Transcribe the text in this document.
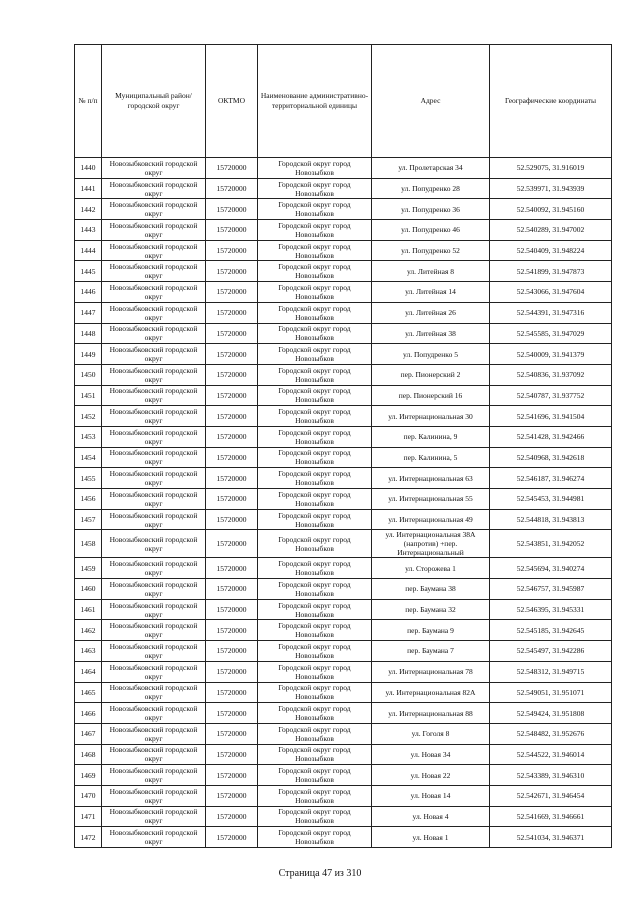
№ п/п	Муниципальный район/городской округ	ОКТМО	Наименование административно-территориальной единицы	Адрес	Географические координаты
1440	Новозыбковский городской округ	15720000	Городской округ город Новозыбков	ул. Пролетарская 34	52.529075, 31.916019
1441	Новозыбковский городской округ	15720000	Городской округ город Новозыбков	ул. Попудренко 28	52.539971, 31.943939
1442	Новозыбковский городской округ	15720000	Городской округ город Новозыбков	ул. Попудренко 36	52.540092, 31.945160
1443	Новозыбковский городской округ	15720000	Городской округ город Новозыбков	ул. Попудренко 46	52.540289, 31.947002
1444	Новозыбковский городской округ	15720000	Городской округ город Новозыбков	ул. Попудренко 52	52.540409, 31.948224
1445	Новозыбковский городской округ	15720000	Городской округ город Новозыбков	ул. Литейная 8	52.541899, 31.947873
1446	Новозыбковский городской округ	15720000	Городской округ город Новозыбков	ул. Литейная 14	52.543066, 31.947604
1447	Новозыбковский городской округ	15720000	Городской округ город Новозыбков	ул. Литейная 26	52.544391, 31.947316
1448	Новозыбковский городской округ	15720000	Городской округ город Новозыбков	ул. Литейная 38	52.545585, 31.947029
1449	Новозыбковский городской округ	15720000	Городской округ город Новозыбков	ул. Попудренко 5	52.540009, 31.941379
1450	Новозыбковский городской округ	15720000	Городской округ город Новозыбков	пер. Пионерский 2	52.540836, 31.937092
1451	Новозыбковский городской округ	15720000	Городской округ город Новозыбков	пер. Пионерский 16	52.540787, 31.937752
1452	Новозыбковский городской округ	15720000	Городской округ город Новозыбков	ул. Интернациональная 30	52.541696, 31.941504
1453	Новозыбковский городской округ	15720000	Городской округ город Новозыбков	пер. Калинина, 9	52.541428, 31.942466
1454	Новозыбковский городской округ	15720000	Городской округ город Новозыбков	пер. Калинина, 5	52.540968, 31.942618
1455	Новозыбковский городской округ	15720000	Городской округ город Новозыбков	ул. Интернациональная 63	52.546187, 31.946274
1456	Новозыбковский городской округ	15720000	Городской округ город Новозыбков	ул. Интернациональная 55	52.545453, 31.944981
1457	Новозыбковский городской округ	15720000	Городской округ город Новозыбков	ул. Интернациональная 49	52.544818, 31.943813
1458	Новозыбковский городской округ	15720000	Городской округ город Новозыбков	ул. Интернациональная 38А (напротив) +пер. Интернациональный	52.543851, 31.942052
1459	Новозыбковский городской округ	15720000	Городской округ город Новозыбков	ул. Сторожева 1	52.545694, 31.940274
1460	Новозыбковский городской округ	15720000	Городской округ город Новозыбков	пер. Баумана 38	52.546757, 31.945987
1461	Новозыбковский городской округ	15720000	Городской округ город Новозыбков	пер. Баумана 32	52.546395, 31.945331
1462	Новозыбковский городской округ	15720000	Городской округ город Новозыбков	пер. Баумана 9	52.545185, 31.942645
1463	Новозыбковский городской округ	15720000	Городской округ город Новозыбков	пер. Баумана 7	52.545497, 31.942286
1464	Новозыбковский городской округ	15720000	Городской округ город Новозыбков	ул. Интернациональная 78	52.548312, 31.949715
1465	Новозыбковский городской округ	15720000	Городской округ город Новозыбков	ул. Интернациональная 82А	52.549051, 31.951071
1466	Новозыбковский городской округ	15720000	Городской округ город Новозыбков	ул. Интернациональная 88	52.549424, 31.951808
1467	Новозыбковский городской округ	15720000	Городской округ город Новозыбков	ул. Гоголя 8	52.548482, 31.952676
1468	Новозыбковский городской округ	15720000	Городской округ город Новозыбков	ул. Новая 34	52.544522, 31.946014
1469	Новозыбковский городской округ	15720000	Городской округ город Новозыбков	ул. Новая 22	52.543389, 31.946310
1470	Новозыбковский городской округ	15720000	Городской округ город Новозыбков	ул. Новая 14	52.542671, 31.946454
1471	Новозыбковский городской округ	15720000	Городской округ город Новозыбков	ул. Новая 4	52.541669, 31.946661
1472	Новозыбковский городской округ	15720000	Городской округ город Новозыбков	ул. Новая 1	52.541034, 31.946371
Страница 47 из 310
